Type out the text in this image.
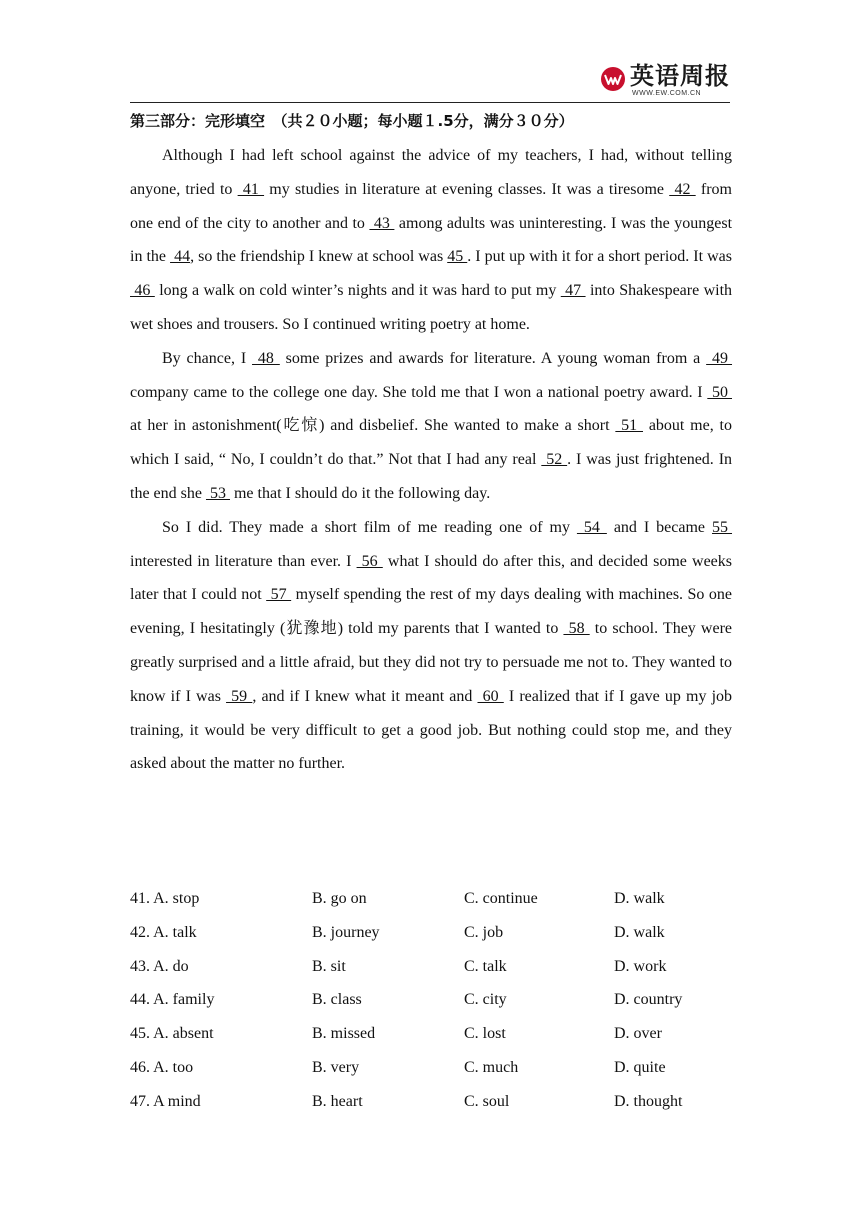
英语周报
WWW.EW.COM.CN
第三部分：完形填空　（共２０小题；每小题１.5分，满分３０分）

Although I had left school against the advice of my teachers, I had, without telling anyone, tried to  41  my studies in literature at evening classes. It was a tiresome  42  from one end of the city to another and to  43  among adults was uninteresting. I was the youngest in the  44, so the friendship I knew at school was 45 . I put up with it for a short period. It was  46  long a walk on cold winter’s nights and it was hard to put my  47  into Shakespeare with wet shoes and trousers. So I continued writing poetry at home.

By chance, I  48  some prizes and awards for literature. A young woman from a  49  company came to the college one day. She told me that I won a national poetry award. I  50  at her in astonishment(吃惊) and disbelief. She wanted to make a short  51  about me, to which I said, “ No, I couldn’t do that.” Not that I had any real  52 . I was just frightened. In the end she  53  me that I should do it the following day.

So I did. They made a short film of me reading one of my  54  and I became 55  interested in literature than ever. I  56  what I should do after this, and decided some weeks later that I could not  57  myself spending the rest of my days dealing with machines. So one evening, I hesitatingly (犹豫地) told my parents that I wanted to  58  to school. They were greatly surprised and a little afraid, but they did not try to persuade me not to. They wanted to know if I was  59 , and if I knew what it meant and  60  I realized that if I gave up my job training, it would be very difficult to get a good job. But nothing could stop me, and they asked about the matter no further.

41. A. stop	B. go on	C. continue	D. walk
42. A. talk	B. journey	C. job	D. walk
43. A. do	B. sit	C. talk	D. work
44. A. family	B. class	C. city	D. country
45. A. absent	B. missed	C. lost	D. over
46. A. too	B. very	C. much	D. quite
47. A mind	B. heart	C. soul	D. thought
